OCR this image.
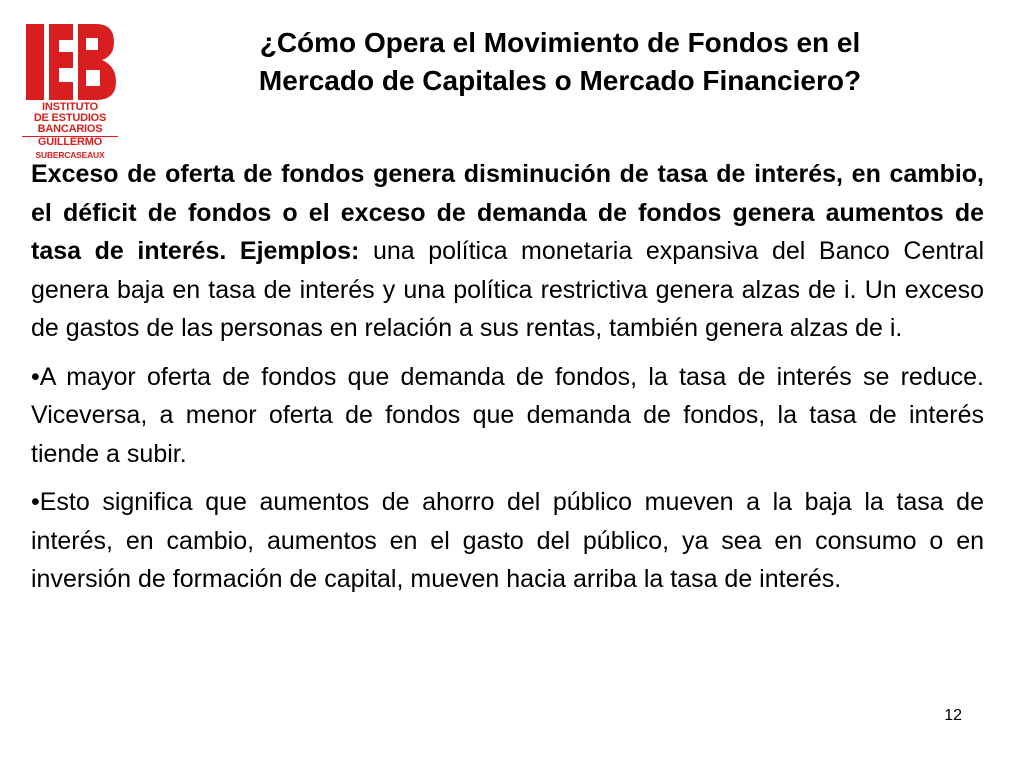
INSTITUTO
DE ESTUDIOS
BANCARIOS
GUILLERMO
SUBERCASEAUX
¿Cómo Opera el Movimiento de Fondos en el
Mercado de Capitales o Mercado Financiero?

Exceso de oferta de fondos genera disminución de tasa de interés, en cambio, el déficit de fondos o el exceso de demanda de fondos genera aumentos de tasa de interés. Ejemplos: una política monetaria expansiva del Banco Central genera baja en tasa de interés y una política restrictiva genera alzas de i. Un exceso de gastos de las personas en relación a sus rentas, también genera alzas de i.

•A mayor oferta de fondos que demanda de fondos, la tasa de interés se reduce. Viceversa, a menor oferta de fondos que demanda de fondos, la tasa de interés tiende a subir.

•Esto significa que aumentos de ahorro del público mueven a la baja la tasa de interés, en cambio, aumentos en el gasto del público, ya sea en consumo o en inversión de formación de capital, mueven hacia arriba la tasa de interés.

12
